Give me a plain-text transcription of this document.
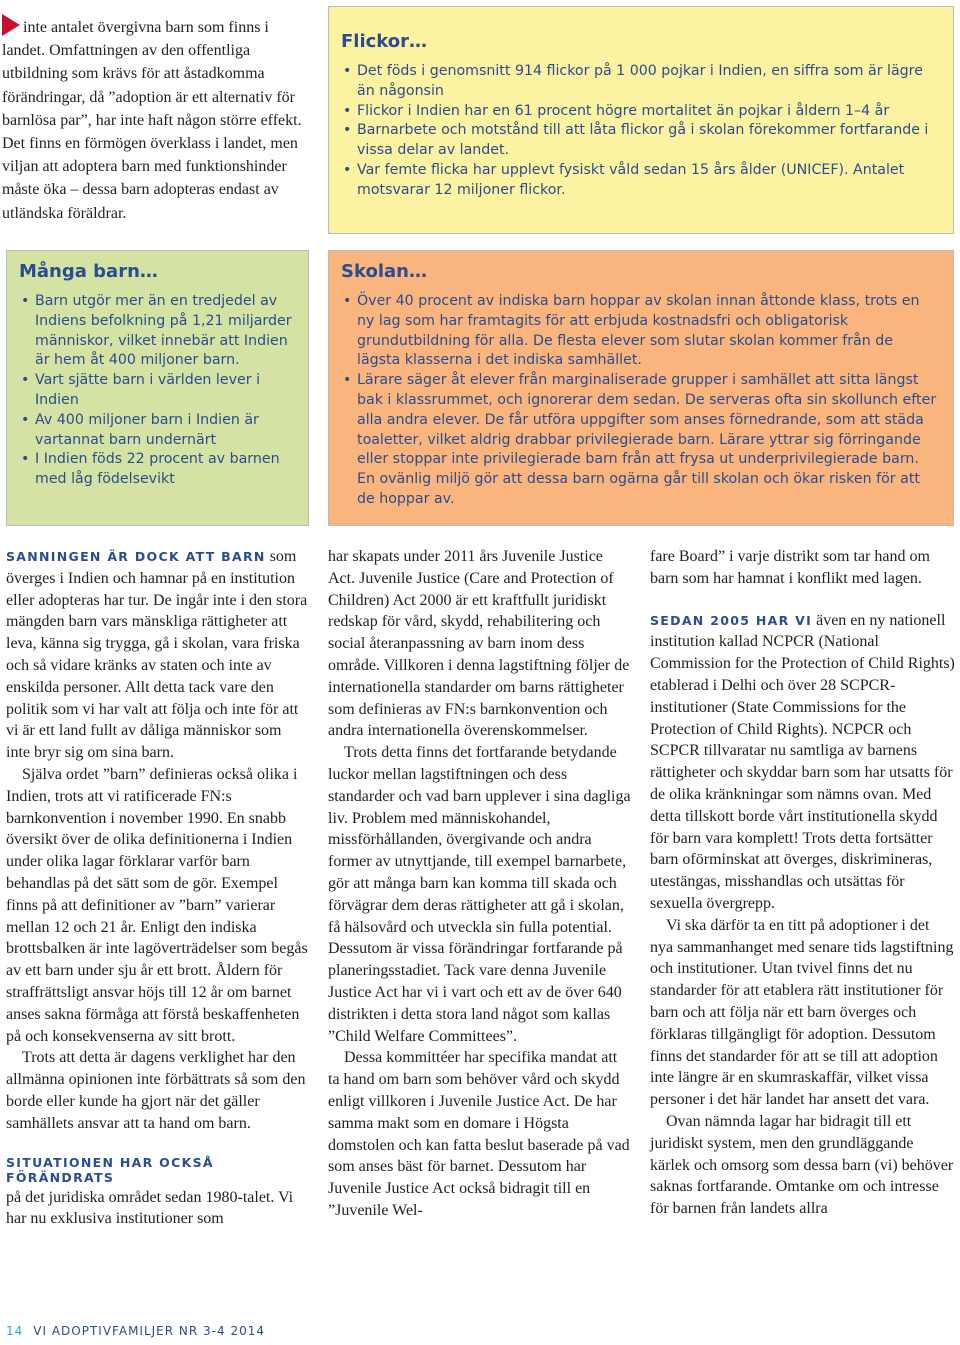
inte antalet övergivna barn som finns i landet. Omfattningen av den offentliga utbildning som krävs för att åstadkomma förändringar, då ”adoption är ett alternativ för barnlösa par”, har inte haft någon större effekt. Det finns en förmögen överklass i landet, men viljan att adoptera barn med funktionshinder måste öka – dessa barn adopteras endast av utländska föräldrar.

Flickor…
• Det föds i genomsnitt 914 flickor på 1 000 pojkar i Indien, en siffra som är lägre än någonsin
• Flickor i Indien har en 61 procent högre mortalitet än pojkar i åldern 1–4 år
• Barnarbete och motstånd till att låta flickor gå i skolan förekommer fortfarande i vissa delar av landet.
• Var femte flicka har upplevt fysiskt våld sedan 15 års ålder (UNICEF). Antalet motsvarar 12 miljoner flickor.
Många barn…
• Barn utgör mer än en tredjedel av Indiens befolkning på 1,21 miljarder människor, vilket innebär att Indien är hem åt 400 miljoner barn.
• Vart sjätte barn i världen lever i Indien
• Av 400 miljoner barn i Indien är vartannat barn undernärt
• I Indien föds 22 procent av barnen med låg födelsevikt
Skolan…
• Över 40 procent av indiska barn hoppar av skolan innan åttonde klass, trots en ny lag som har framtagits för att erbjuda kostnadsfri och obligatorisk grundutbildning för alla. De flesta elever som slutar skolan kommer från de lägsta klasserna i det indiska samhället.
• Lärare säger åt elever från marginaliserade grupper i samhället att sitta längst bak i klassrummet, och ignorerar dem sedan. De serveras ofta sin skollunch efter alla andra elever. De får utföra uppgifter som anses förnedrande, som att städa toaletter, vilket aldrig drabbar privilegierade barn. Lärare yttrar sig förringande eller stoppar inte privilegierade barn från att frysa ut underprivilegierade barn. En ovänlig miljö gör att dessa barn ogärna går till skolan och ökar risken för att de hoppar av.

SANNINGEN ÄR DOCK ATT BARN som överges i Indien och hamnar på en institution eller adopteras har tur. De ingår inte i den stora mängden barn vars mänskliga rättigheter att leva, känna sig trygga, gå i skolan, vara friska och så vidare kränks av staten och inte av enskilda personer. Allt detta tack vare den politik som vi har valt att följa och inte för att vi är ett land fullt av dåliga människor som inte bryr sig om sina barn.

Själva ordet ”barn” definieras också olika i Indien, trots att vi ratificerade FN:s barnkonvention i november 1990. En snabb översikt över de olika definitionerna i Indien under olika lagar förklarar varför barn behandlas på det sätt som de gör. Exempel finns på att definitioner av ”barn” varierar mellan 12 och 21 år. Enligt den indiska brottsbalken är inte lagöverträdelser som begås av ett barn under sju år ett brott. Åldern för straffrättsligt ansvar höjs till 12 år om barnet anses sakna förmåga att förstå beskaffenheten på och konsekvenserna av sitt brott.

Trots att detta är dagens verklighet har den allmänna opinionen inte förbättrats så som den borde eller kunde ha gjort när det gäller samhällets ansvar att ta hand om barn.

SITUATIONEN HAR OCKSÅ FÖRÄNDRATS

på det juridiska området sedan 1980-talet. Vi har nu exklusiva institutioner som

har skapats under 2011 års Juvenile Justice Act. Juvenile Justice (Care and Protection of Children) Act 2000 är ett kraftfullt juridiskt redskap för vård, skydd, rehabilitering och social återanpassning av barn inom dess område. Villkoren i denna lagstiftning följer de internationella standarder om barns rättigheter som definieras av FN:s barnkonvention och andra internationella överenskommelser.

Trots detta finns det fortfarande betydande luckor mellan lagstiftningen och dess standarder och vad barn upplever i sina dagliga liv. Problem med människohandel, missförhållanden, övergivande och andra former av utnyttjande, till exempel barnarbete, gör att många barn kan komma till skada och förvägrar dem deras rättigheter att gå i skolan, få hälsovård och utveckla sin fulla potential. Dessutom är vissa förändringar fortfarande på planeringsstadiet. Tack vare denna Juvenile Justice Act har vi i vart och ett av de över 640 distrikten i detta stora land något som kallas ”Child Welfare Committees”.

Dessa kommittéer har specifika mandat att ta hand om barn som behöver vård och skydd enligt villkoren i Juvenile Justice Act. De har samma makt som en domare i Högsta domstolen och kan fatta beslut baserade på vad som anses bäst för barnet. Dessutom har Juvenile Justice Act också bidragit till en ”Juvenile Wel-

fare Board” i varje distrikt som tar hand om barn som har hamnat i konflikt med lagen.

SEDAN 2005 HAR VI även en ny nationell institution kallad NCPCR (National Commission for the Protection of Child Rights) etablerad i Delhi och över 28 SCPCR-institutioner (State Commissions for the Protection of Child Rights). NCPCR och SCPCR tillvaratar nu samtliga av barnens rättigheter och skyddar barn som har utsatts för de olika kränkningar som nämns ovan. Med detta tillskott borde vårt institutionella skydd för barn vara komplett! Trots detta fortsätter barn oförminskat att överges, diskrimineras, utestängas, misshandlas och utsättas för sexuella övergrepp.

Vi ska därför ta en titt på adoptioner i det nya sammanhanget med senare tids lagstiftning och institutioner. Utan tvivel finns det nu standarder för att etablera rätt institutioner för barn och att följa när ett barn överges och förklaras tillgängligt för adoption. Dessutom finns det standarder för att se till att adoption inte längre är en skumraskaffär, vilket vissa personer i det här landet har ansett det vara.

Ovan nämnda lagar har bidragit till ett juridiskt system, men den grundläggande kärlek och omsorg som dessa barn (vi) behöver saknas fortfarande. Omtanke om och intresse för barnen från landets allra

14 VI ADOPTIVFAMILJER NR 3-4 2014
